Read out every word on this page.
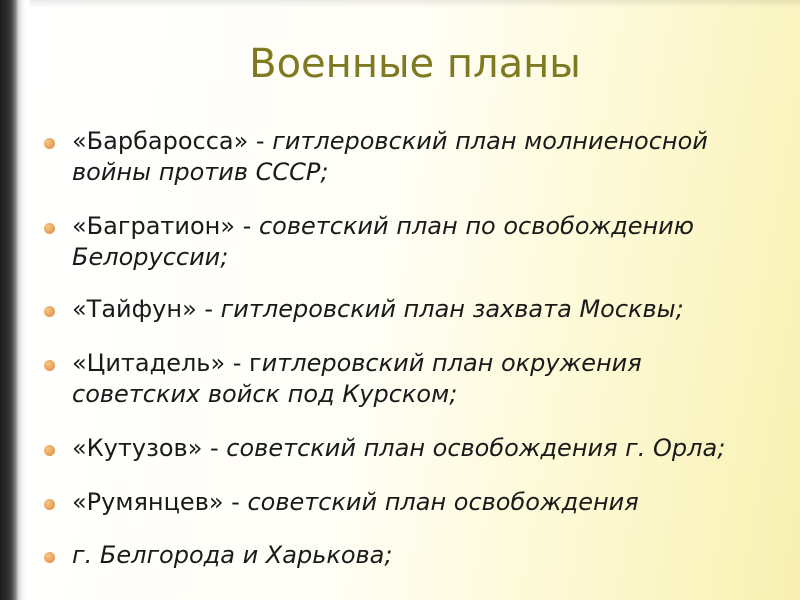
Военные планы
«Барбаросса» - гитлеровский план молниеносной войны против СССР;
«Багратион» - советский план по освобождению Белоруссии;
«Тайфун» - гитлеровский план захвата Москвы;
«Цитадель» - гитлеровский план окружения советских войск под Курском;
«Кутузов» - советский план освобождения г. Орла;
«Румянцев» - советский план освобождения
г. Белгорода и Харькова;
